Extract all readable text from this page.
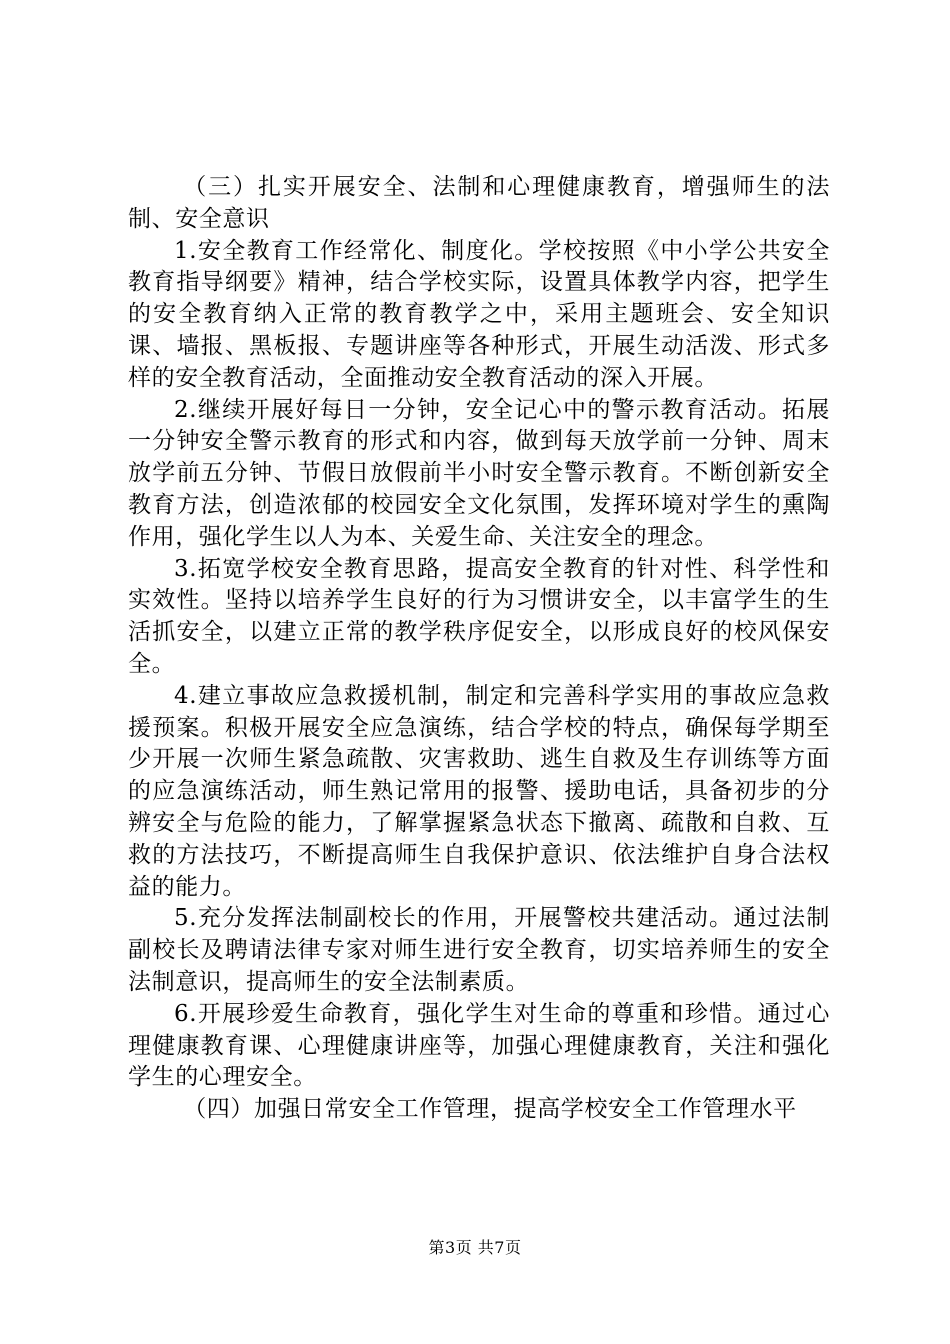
（三）扎实开展安全、法制和心理健康教育，增强师生的法制、安全意识

1.安全教育工作经常化、制度化。学校按照《中小学公共安全教育指导纲要》精神，结合学校实际，设置具体教学内容，把学生的安全教育纳入正常的教育教学之中，采用主题班会、安全知识课、墙报、黑板报、专题讲座等各种形式，开展生动活泼、形式多样的安全教育活动，全面推动安全教育活动的深入开展。

2.继续开展好每日一分钟，安全记心中的警示教育活动。拓展一分钟安全警示教育的形式和内容，做到每天放学前一分钟、周末放学前五分钟、节假日放假前半小时安全警示教育。不断创新安全教育方法，创造浓郁的校园安全文化氛围，发挥环境对学生的熏陶作用，强化学生以人为本、关爱生命、关注安全的理念。

3.拓宽学校安全教育思路，提高安全教育的针对性、科学性和实效性。坚持以培养学生良好的行为习惯讲安全，以丰富学生的生活抓安全，以建立正常的教学秩序促安全，以形成良好的校风保安全。

4.建立事故应急救援机制，制定和完善科学实用的事故应急救援预案。积极开展安全应急演练，结合学校的特点，确保每学期至少开展一次师生紧急疏散、灾害救助、逃生自救及生存训练等方面的应急演练活动，师生熟记常用的报警、援助电话，具备初步的分辨安全与危险的能力，了解掌握紧急状态下撤离、疏散和自救、互救的方法技巧，不断提高师生自我保护意识、依法维护自身合法权益的能力。

5.充分发挥法制副校长的作用，开展警校共建活动。通过法制副校长及聘请法律专家对师生进行安全教育，切实培养师生的安全法制意识，提高师生的安全法制素质。

6.开展珍爱生命教育，强化学生对生命的尊重和珍惜。通过心理健康教育课、心理健康讲座等，加强心理健康教育，关注和强化学生的心理安全。

（四）加强日常安全工作管理，提高学校安全工作管理水平

第3页 共7页
